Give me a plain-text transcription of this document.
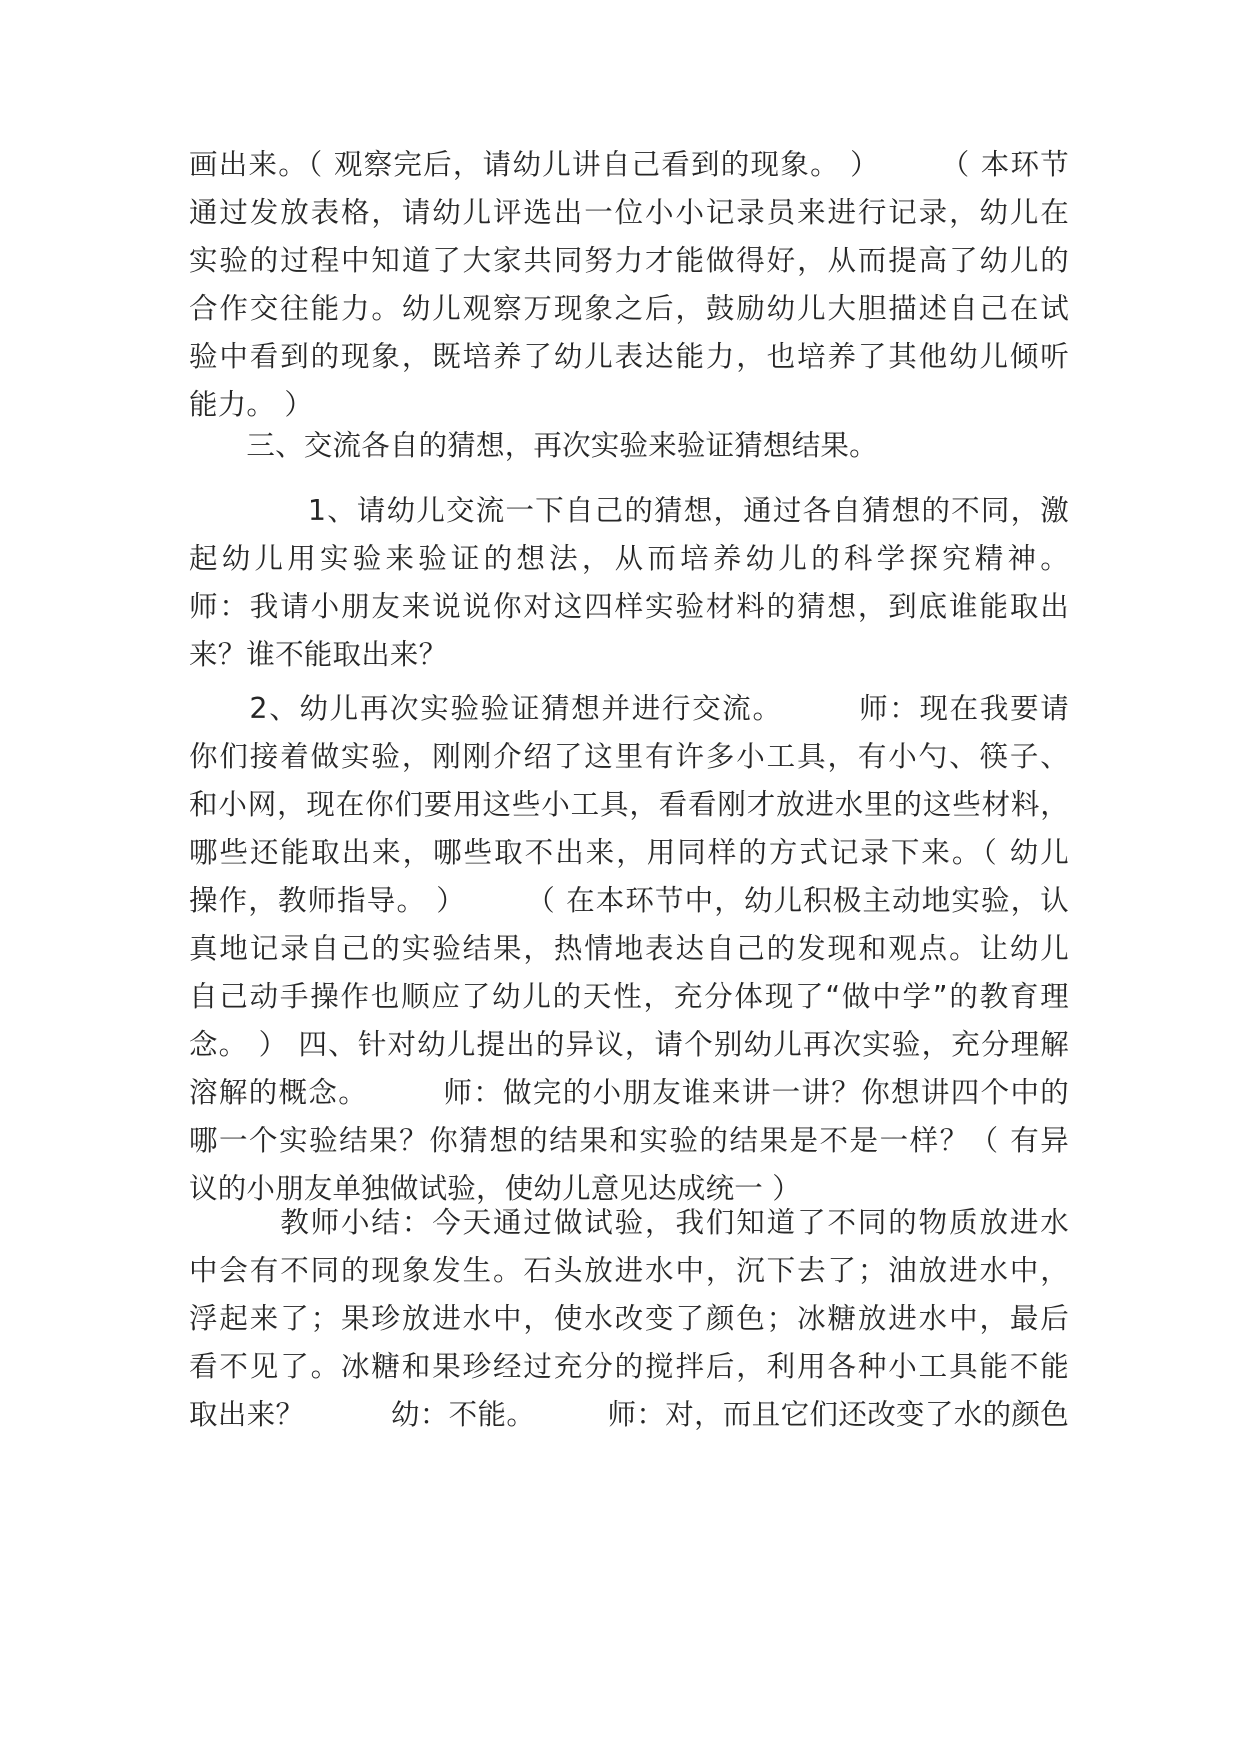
画出来。（ 观察完后，请幼儿讲自己看到的现象。 ）　　　（ 本环节
通过发放表格，请幼儿评选出一位小小记录员来进行记录，幼儿在
实验的过程中知道了大家共同努力才能做得好，从而提高了幼儿的
合作交往能力。幼儿观察万现象之后，鼓励幼儿大胆描述自己在试
验中看到的现象，既培养了幼儿表达能力，也培养了其他幼儿倾听
能力。 ）
　　三、交流各自的猜想，再次实验来验证猜想结果。
　　　　1、请幼儿交流一下自己的猜想，通过各自猜想的不同，激
起幼儿用实验来验证的想法，从而培养幼儿的科学探究精神。
师：我请小朋友来说说你对这四样实验材料的猜想，到底谁能取出
来？谁不能取出来？
　　2、幼儿再次实验验证猜想并进行交流。　　　师：现在我要请
你们接着做实验，刚刚介绍了这里有许多小工具，有小勺、筷子、
和小网，现在你们要用这些小工具，看看刚才放进水里的这些材料，
哪些还能取出来，哪些取不出来，用同样的方式记录下来。（ 幼儿
操作，教师指导。 ）　　　（ 在本环节中，幼儿积极主动地实验，认
真地记录自己的实验结果，热情地表达自己的发现和观点。让幼儿
自己动手操作也顺应了幼儿的天性，充分体现了“做中学”的教育理
念。 ） 四、针对幼儿提出的异议，请个别幼儿再次实验，充分理解
溶解的概念。　　　师：做完的小朋友谁来讲一讲？你想讲四个中的
哪一个实验结果？你猜想的结果和实验的结果是不是一样？（ 有异
议的小朋友单独做试验，使幼儿意见达成统一 ）
　　　教师小结：今天通过做试验，我们知道了不同的物质放进水
中会有不同的现象发生。石头放进水中，沉下去了；油放进水中，
浮起来了；果珍放进水中，使水改变了颜色；冰糖放进水中，最后
看不见了。冰糖和果珍经过充分的搅拌后，利用各种小工具能不能
取出来？　　　幼：不能。　　　师：对，而且它们还改变了水的颜色
